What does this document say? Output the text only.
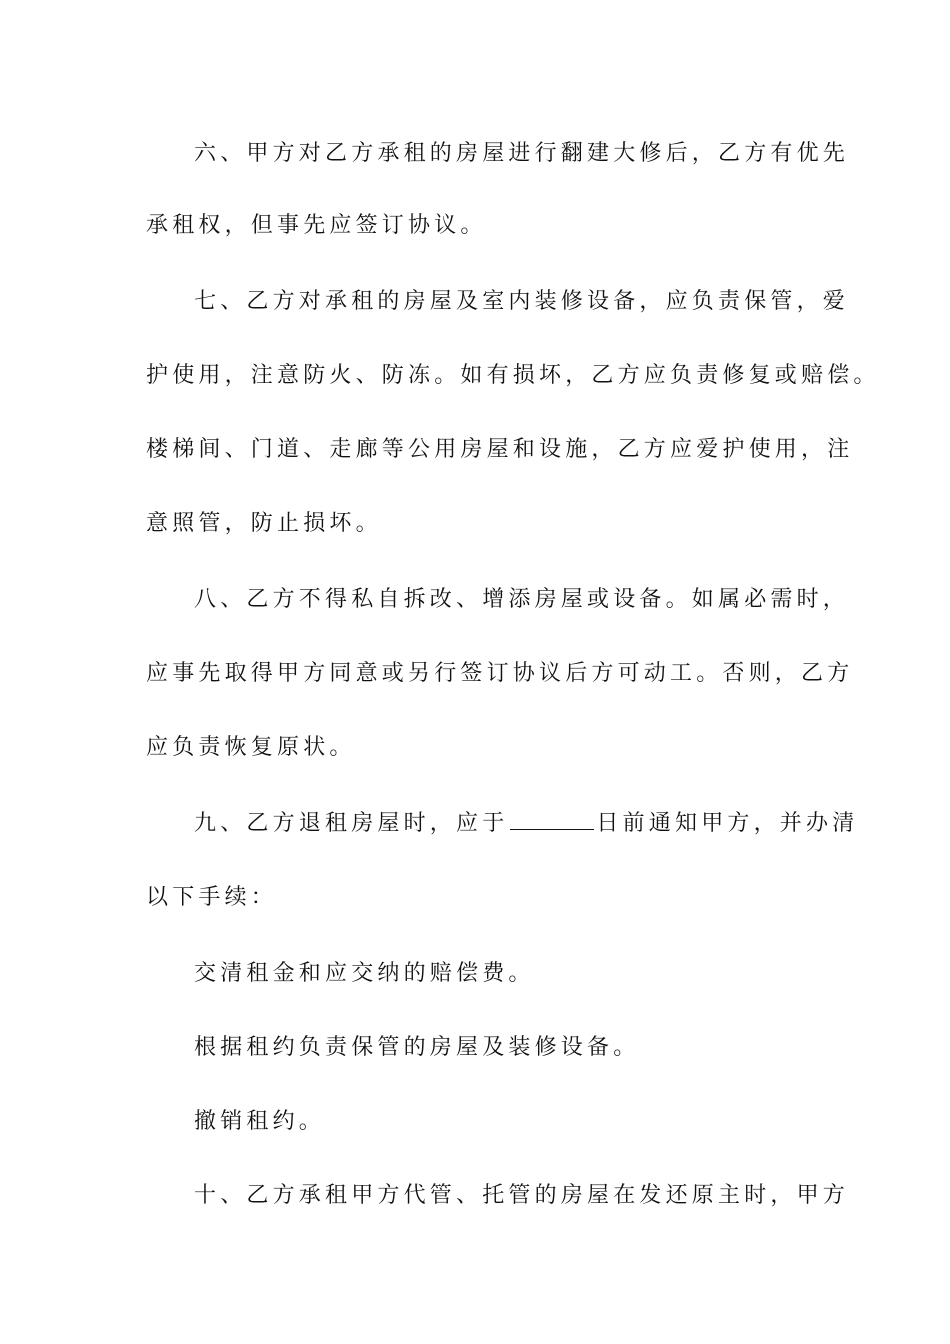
六、甲方对乙方承租的房屋进行翻建大修后，乙方有优先
承租权，但事先应签订协议。
七、乙方对承租的房屋及室内装修设备，应负责保管，爱
护使用，注意防火、防冻。如有损坏，乙方应负责修复或赔偿。
楼梯间、门道、走廊等公用房屋和设施，乙方应爱护使用，注
意照管，防止损坏。
八、乙方不得私自拆改、增添房屋或设备。如属必需时，
应事先取得甲方同意或另行签订协议后方可动工。否则，乙方
应负责恢复原状。
九、乙方退租房屋时，应于	日前通知甲方，并办清
以下手续：
交清租金和应交纳的赔偿费。
根据租约负责保管的房屋及装修设备。
撤销租约。
十、乙方承租甲方代管、托管的房屋在发还原主时，甲方
